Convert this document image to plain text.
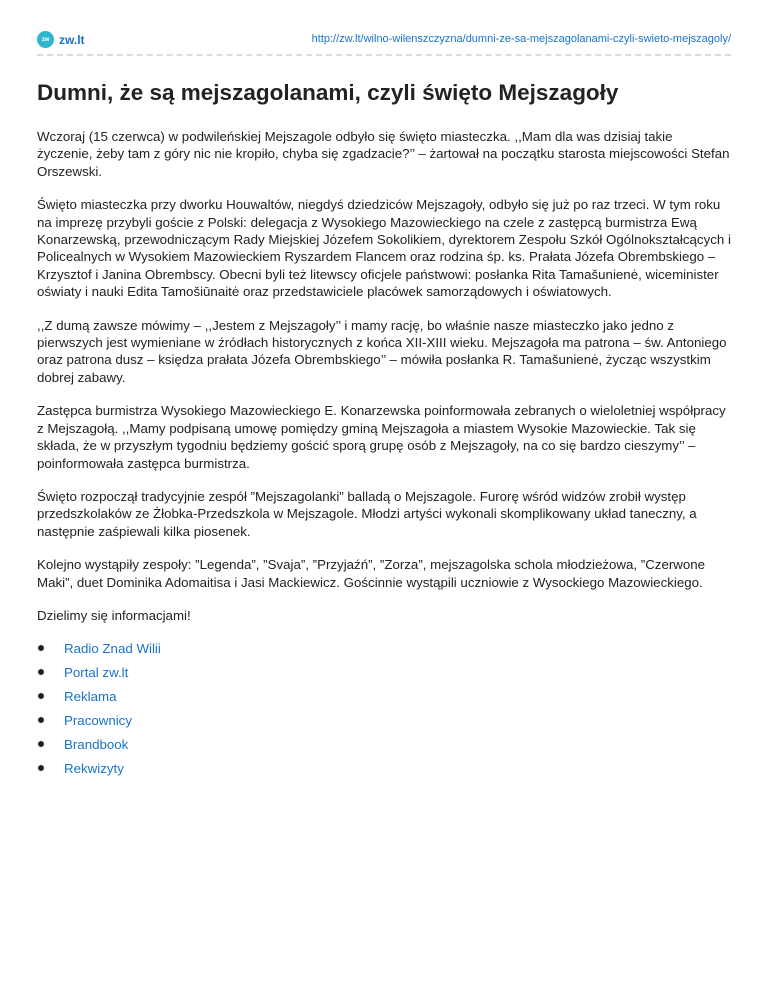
zw zw.lt	http://zw.lt/wilno-wilenszczyzna/dumni-ze-sa-mejszagolanami-czyli-swieto-mejszagoly/
Dumni, że są mejszagolanami, czyli święto Mejszagoły

Wczoraj (15 czerwca) w podwileńskiej Mejszagole odbyło się święto miasteczka. ,,Mam dla was dzisiaj takie życzenie, żeby tam z góry nic nie kropiło, chyba się zgadzacie?’’ – żartował na początku starosta miejscowości Stefan Orszewski.

Święto miasteczka przy dworku Houwaltów, niegdyś dziedziców Mejszagoły, odbyło się już po raz trzeci. W tym roku na imprezę przybyli goście z Polski: delegacja z Wysokiego Mazowieckiego na czele z zastępcą burmistrza Ewą Konarzewską, przewodniczącym Rady Miejskiej Józefem Sokolikiem, dyrektorem Zespołu Szkół Ogólnokształcących i Policealnych w Wysokiem Mazowieckiem Ryszardem Flancem oraz rodzina śp. ks. Prałata Józefa Obrembskiego – Krzysztof i Janina Obrembscy. Obecni byli też litewscy oficjele państwowi: posłanka Rita Tamašunienė, wiceminister oświaty i nauki Edita Tamošiūnaitė oraz przedstawiciele placówek samorządowych i oświatowych.

,,Z dumą zawsze mówimy – ,,Jestem z Mejszagoły’’ i mamy rację, bo właśnie nasze miasteczko jako jedno z pierwszych jest wymieniane w źródłach historycznych z końca XII-XIII wieku. Mejszagoła ma patrona – św. Antoniego oraz patrona dusz – księdza prałata Józefa Obrembskiego’’ – mówiła posłanka R. Tamašunienė, życząc wszystkim dobrej zabawy.

Zastępca burmistrza Wysokiego Mazowieckiego E. Konarzewska poinformowała zebranych o wieloletniej współpracy z Mejszagołą. ,,Mamy podpisaną umowę pomiędzy gminą Mejszagoła a miastem Wysokie Mazowieckie. Tak się składa, że w przyszłym tygodniu będziemy gościć sporą grupę osób z Mejszagoły, na co się bardzo cieszymy’’ – poinformowała zastępca burmistrza.

Święto rozpoczął tradycyjnie zespół ”Mejszagolanki” balladą o Mejszagole. Furorę wśród widzów zrobił występ przedszkolaków ze Żłobka-Przedszkola w Mejszagole. Młodzi artyści wykonali skomplikowany układ taneczny, a następnie zaśpiewali kilka piosenek.

Kolejno wystąpiły zespoły: ”Legenda”, ”Svaja”, ”Przyjaźń”, ”Zorza”, mejszagolska schola młodzieżowa, ”Czerwone Maki”, duet Dominika Adomaitisa i Jasi Mackiewicz. Gościnnie wystąpili uczniowie z Wysockiego Mazowieckiego.

Dzielimy się informacjami!

Radio Znad Wilii
Portal zw.lt
Reklama
Pracownicy
Brandbook
Rekwizyty
